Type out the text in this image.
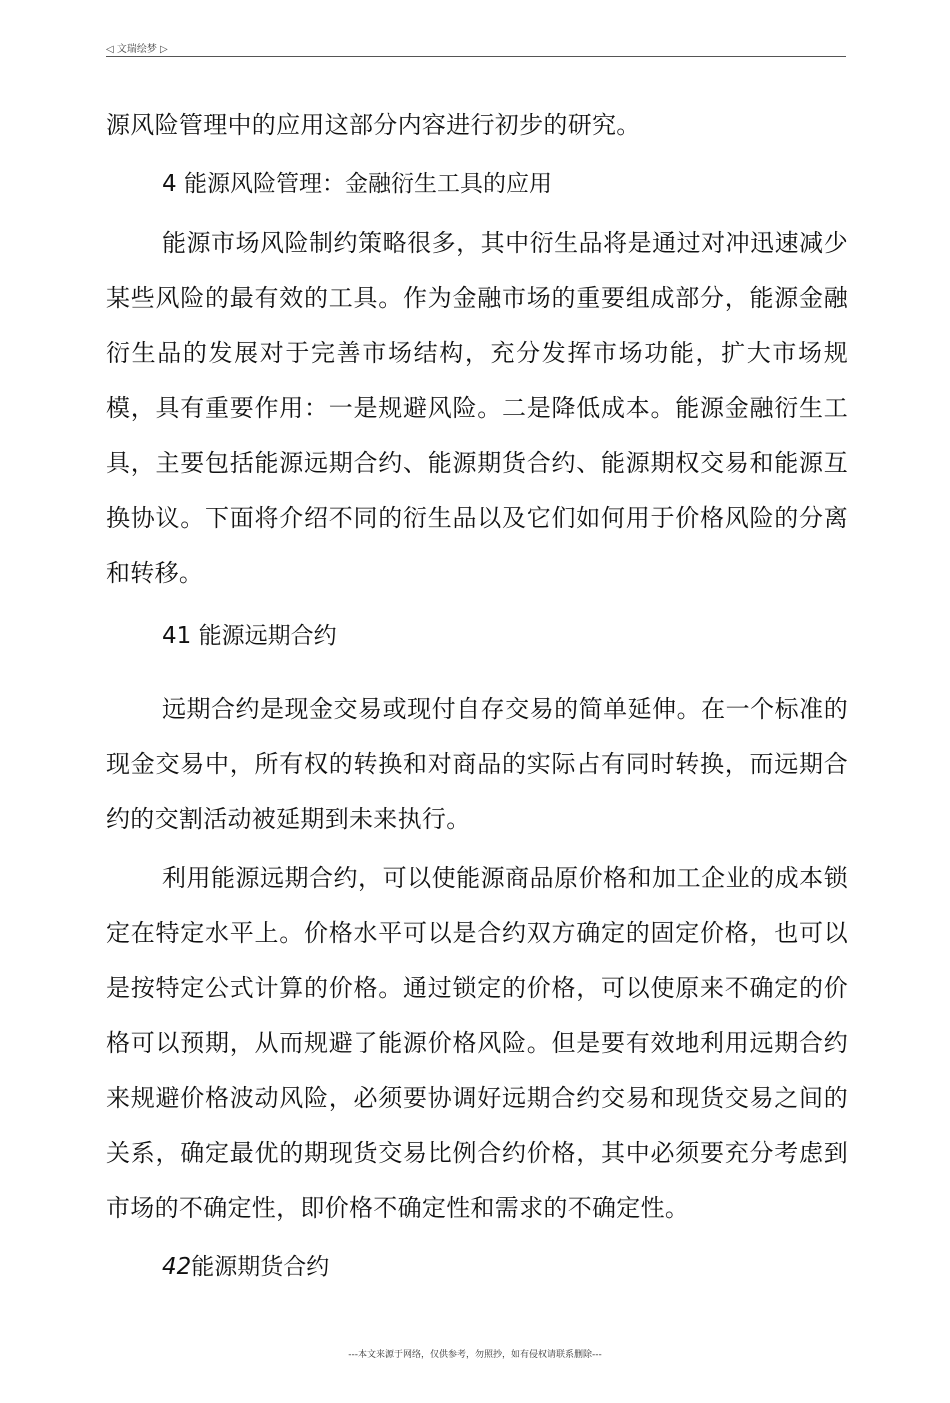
◁ 文瑞绘梦 ▷

源风险管理中的应用这部分内容进行初步的研究。

4 能源风险管理：金融衍生工具的应用

能源市场风险制约策略很多，其中衍生品将是通过对冲迅速减少某些风险的最有效的工具。作为金融市场的重要组成部分，能源金融衍生品的发展对于完善市场结构，充分发挥市场功能，扩大市场规模，具有重要作用：一是规避风险。二是降低成本。能源金融衍生工具，主要包括能源远期合约、能源期货合约、能源期权交易和能源互换协议。下面将介绍不同的衍生品以及它们如何用于价格风险的分离和转移。

41 能源远期合约

远期合约是现金交易或现付自存交易的简单延伸。在一个标准的现金交易中，所有权的转换和对商品的实际占有同时转换，而远期合约的交割活动被延期到未来执行。

利用能源远期合约，可以使能源商品原价格和加工企业的成本锁定在特定水平上。价格水平可以是合约双方确定的固定价格，也可以是按特定公式计算的价格。通过锁定的价格，可以使原来不确定的价格可以预期，从而规避了能源价格风险。但是要有效地利用远期合约来规避价格波动风险，必须要协调好远期合约交易和现货交易之间的关系，确定最优的期现货交易比例合约价格，其中必须要充分考虑到市场的不确定性，即价格不确定性和需求的不确定性。

42能源期货合约

---本文来源于网络，仅供参考，勿照抄，如有侵权请联系删除---
